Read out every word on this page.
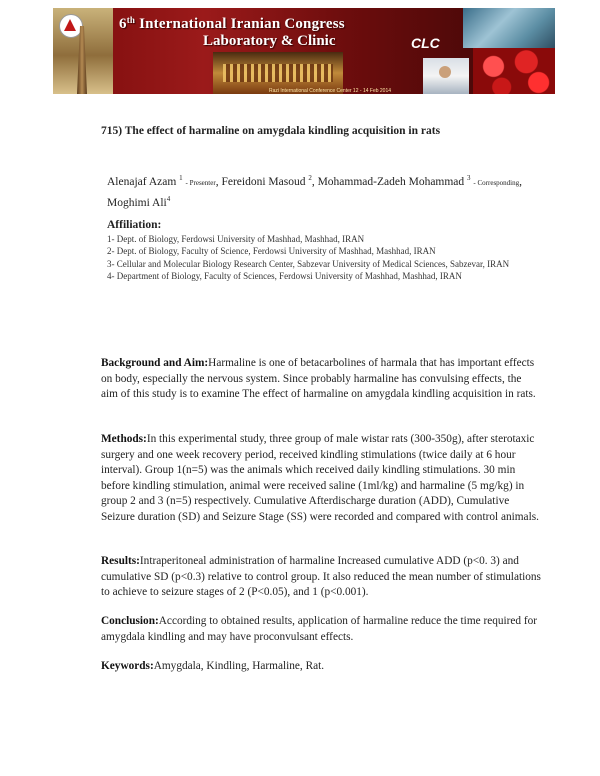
6th International Iranian Congress
Laboratory & Clinic
Razi International Conference Center 12 - 14 Feb 2014
CLC
715) The effect of harmaline on amygdala kindling acquisition in rats
Alenajaf Azam $^1$ - Presenter, Fereidoni Masoud $^2$, Mohammad-Zadeh Mohammad $^3$ - Corresponding, Moghimi Ali$^4$
Affiliation:
1- Dept. of Biology, Ferdowsi University of Mashhad, Mashhad, IRAN
2- Dept. of Biology, Faculty of Science, Ferdowsi University of Mashhad, Mashhad, IRAN
3- Cellular and Molecular Biology Research Center, Sabzevar University of Medical Sciences, Sabzevar, IRAN
4- Department of Biology, Faculty of Sciences, Ferdowsi University of Mashhad, Mashhad, IRAN
Background and Aim:Harmaline is one of betacarbolines of harmala that has important effects on body, especially the nervous system. Since probably harmaline has convulsing effects, the aim of this study is to examine The effect of harmaline on amygdala kindling acquisition in rats.
Methods:In this experimental study, three group of male wistar rats (300-350g), after sterotaxic surgery and one week recovery period, received kindling stimulations (twice daily at 6 hour interval). Group 1(n=5) was the animals which received daily kindling stimulations. 30 min before kindling stimulation, animal were received saline (1ml/kg) and harmaline (5 mg/kg) in group 2 and 3 (n=5) respectively. Cumulative Afterdischarge duration (ADD), Cumulative Seizure duration (SD) and Seizure Stage (SS) were recorded and compared with control animals.
Results:Intraperitoneal administration of harmaline Increased cumulative ADD (p<0. 3) and cumulative SD (p<0.3) relative to control group. It also reduced the mean number of stimulations to achieve to seizure stages of 2 (P<0.05), and 1 (p<0.001).
Conclusion:According to obtained results, application of harmaline reduce the time required for amygdala kindling and may have proconvulsant effects.
Keywords:Amygdala, Kindling, Harmaline, Rat.
